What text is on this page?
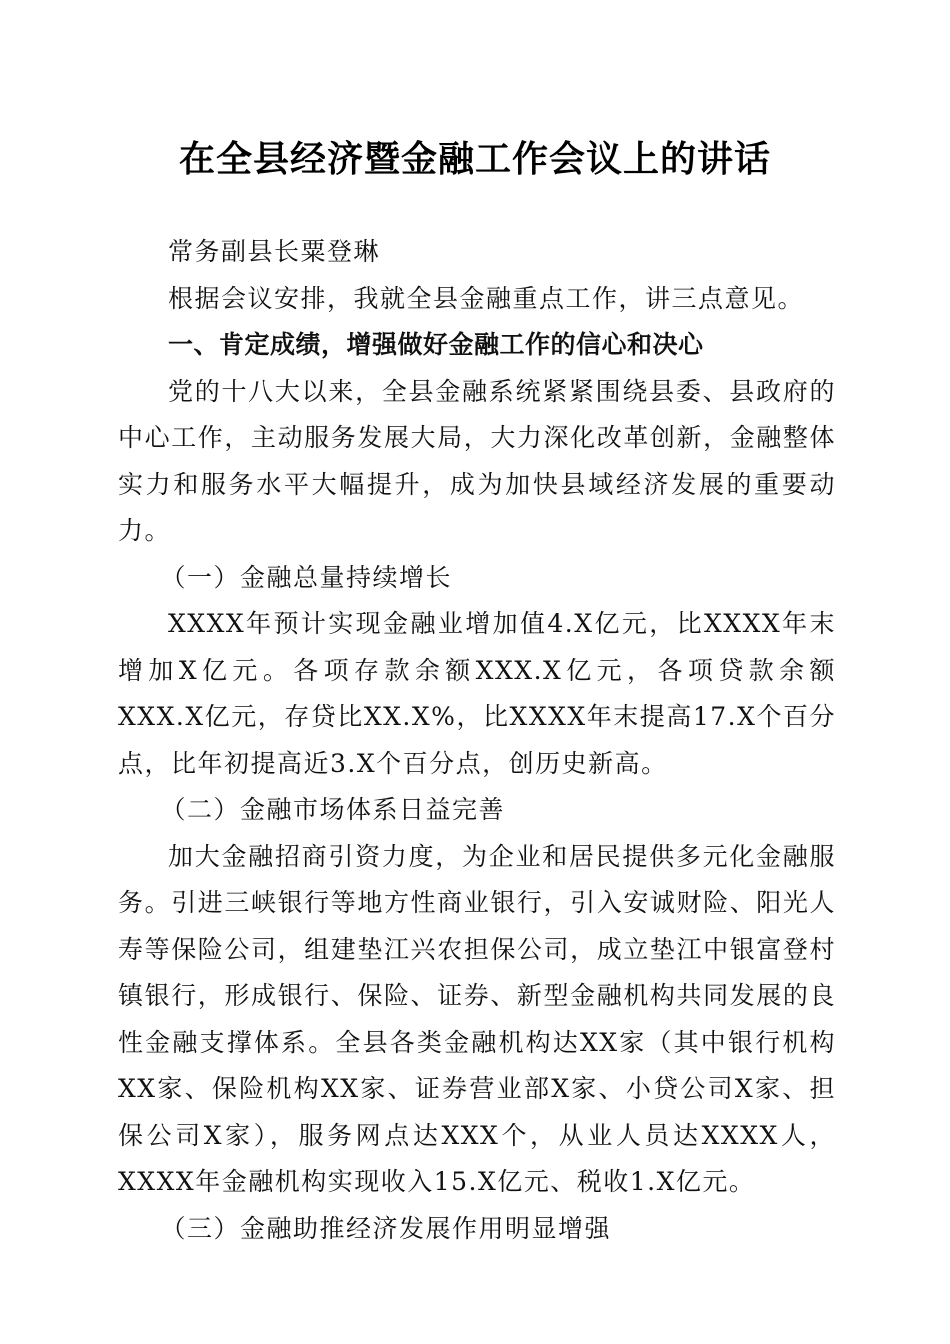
在全县经济暨金融工作会议上的讲话

常务副县长粟登琳

根据会议安排，我就全县金融重点工作，讲三点意见。

一、肯定成绩，增强做好金融工作的信心和决心

党的十八大以来，全县金融系统紧紧围绕县委、县政府的中心工作，主动服务发展大局，大力深化改革创新，金融整体实力和服务水平大幅提升，成为加快县域经济发展的重要动力。

（一）金融总量持续增长

XXXX年预计实现金融业增加值4.X亿元，比XXXX年末增加X亿元。各项存款余额XXX.X亿元，各项贷款余额XXX.X亿元，存贷比XX.X%，比XXXX年末提高17.X个百分点，比年初提高近3.X个百分点，创历史新高。

（二）金融市场体系日益完善

加大金融招商引资力度，为企业和居民提供多元化金融服务。引进三峡银行等地方性商业银行，引入安诚财险、阳光人寿等保险公司，组建垫江兴农担保公司，成立垫江中银富登村镇银行，形成银行、保险、证券、新型金融机构共同发展的良性金融支撑体系。全县各类金融机构达XX家（其中银行机构XX家、保险机构XX家、证券营业部X家、小贷公司X家、担保公司X家），服务网点达XXX个，从业人员达XXXX人，XXXX年金融机构实现收入15.X亿元、税收1.X亿元。

（三）金融助推经济发展作用明显增强
